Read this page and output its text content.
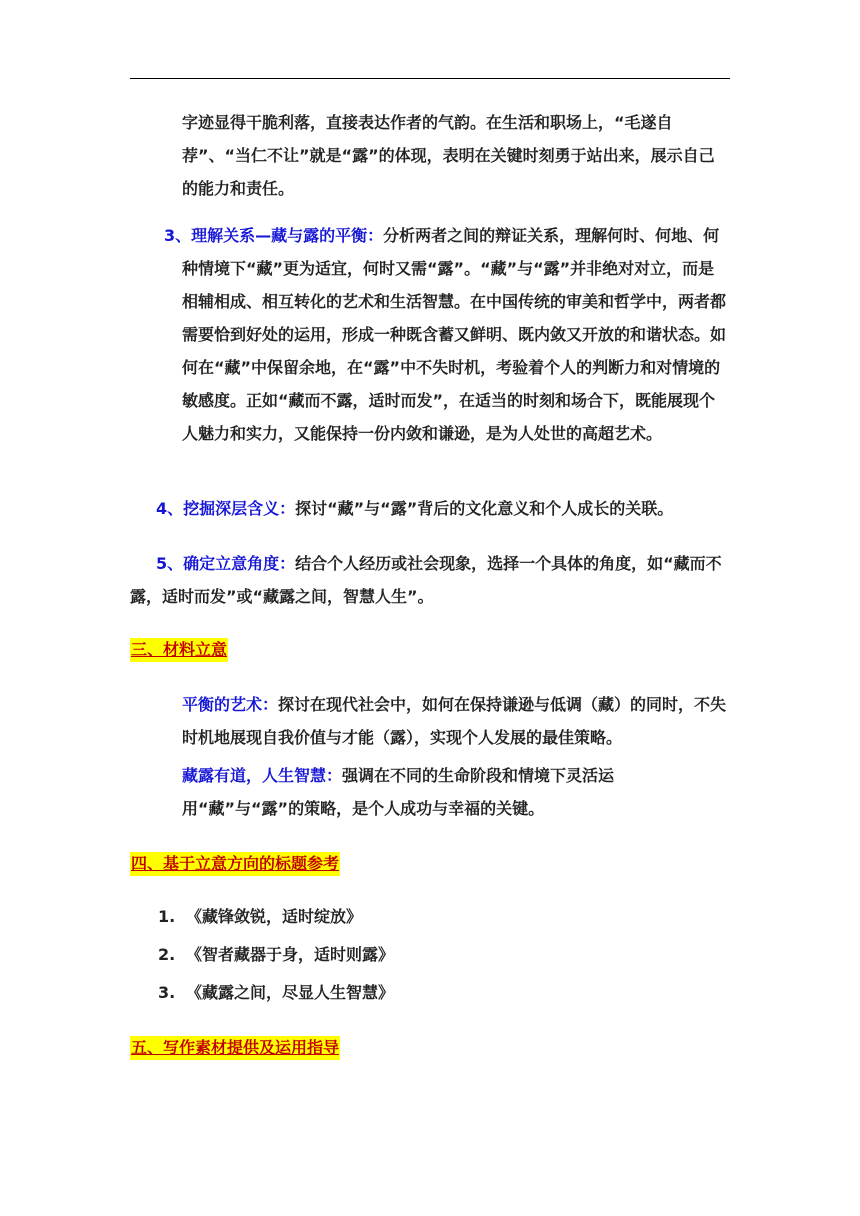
字迹显得干脆利落，直接表达作者的气韵。在生活和职场上，“毛遂自荐”、“当仁不让”就是“露”的体现，表明在关键时刻勇于站出来，展示自己的能力和责任。

3、理解关系—藏与露的平衡：分析两者之间的辩证关系，理解何时、何地、何种情境下“藏”更为适宜，何时又需“露”。“藏”与“露”并非绝对对立，而是相辅相成、相互转化的艺术和生活智慧。在中国传统的审美和哲学中，两者都需要恰到好处的运用，形成一种既含蓄又鲜明、既内敛又开放的和谐状态。如何在“藏”中保留余地，在“露”中不失时机，考验着个人的判断力和对情境的敏感度。正如“藏而不露，适时而发”，在适当的时刻和场合下，既能展现个人魅力和实力，又能保持一份内敛和谦逊，是为人处世的高超艺术。

4、挖掘深层含义：探讨“藏”与“露”背后的文化意义和个人成长的关联。

5、确定立意角度：结合个人经历或社会现象，选择一个具体的角度，如“藏而不露，适时而发”或“藏露之间，智慧人生”。

三、材料立意

平衡的艺术：探讨在现代社会中，如何在保持谦逊与低调（藏）的同时，不失时机地展现自我价值与才能（露），实现个人发展的最佳策略。

藏露有道，人生智慧：强调在不同的生命阶段和情境下灵活运用“藏”与“露”的策略，是个人成功与幸福的关键。

四、基于立意方向的标题参考
1. 《藏锋敛锐，适时绽放》
2. 《智者藏器于身，适时则露》
3. 《藏露之间，尽显人生智慧》
五、写作素材提供及运用指导
